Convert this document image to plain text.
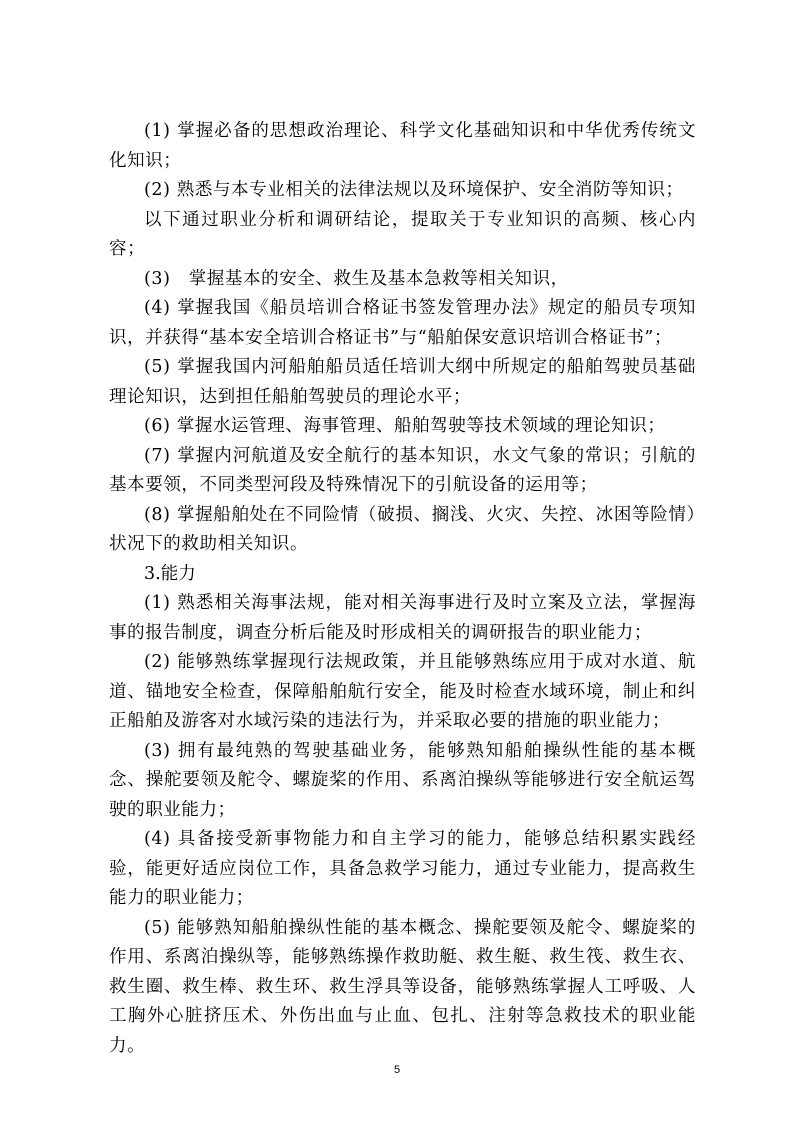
(1) 掌握必备的思想政治理论、科学文化基础知识和中华优秀传统文化知识；

(2) 熟悉与本专业相关的法律法规以及环境保护、安全消防等知识；

以下通过职业分析和调研结论，提取关于专业知识的高频、核心内容；

(3)　掌握基本的安全、救生及基本急救等相关知识，

(4) 掌握我国《船员培训合格证书签发管理办法》规定的船员专项知识，并获得“基本安全培训合格证书”与“船舶保安意识培训合格证书”；

(5) 掌握我国内河船舶船员适任培训大纲中所规定的船舶驾驶员基础理论知识，达到担任船舶驾驶员的理论水平；

(6) 掌握水运管理、海事管理、船舶驾驶等技术领域的理论知识；

(7) 掌握内河航道及安全航行的基本知识，水文气象的常识；引航的基本要领，不同类型河段及特殊情况下的引航设备的运用等；

(8) 掌握船舶处在不同险情（破损、搁浅、火灾、失控、冰困等险情）状况下的救助相关知识。

3.能力

(1) 熟悉相关海事法规，能对相关海事进行及时立案及立法，掌握海事的报告制度，调查分析后能及时形成相关的调研报告的职业能力；

(2) 能够熟练掌握现行法规政策，并且能够熟练应用于成对水道、航道、锚地安全检查，保障船舶航行安全，能及时检查水域环境，制止和纠正船舶及游客对水域污染的违法行为，并采取必要的措施的职业能力；

(3) 拥有最纯熟的驾驶基础业务，能够熟知船舶操纵性能的基本概念、操舵要领及舵令、螺旋桨的作用、系离泊操纵等能够进行安全航运驾驶的职业能力；

(4) 具备接受新事物能力和自主学习的能力，能够总结积累实践经验，能更好适应岗位工作，具备急救学习能力，通过专业能力，提高救生能力的职业能力；

(5) 能够熟知船舶操纵性能的基本概念、操舵要领及舵令、螺旋桨的作用、系离泊操纵等，能够熟练操作救助艇、救生艇、救生筏、救生衣、救生圈、救生棒、救生环、救生浮具等设备，能够熟练掌握人工呼吸、人工胸外心脏挤压术、外伤出血与止血、包扎、注射等急救技术的职业能力。

5
